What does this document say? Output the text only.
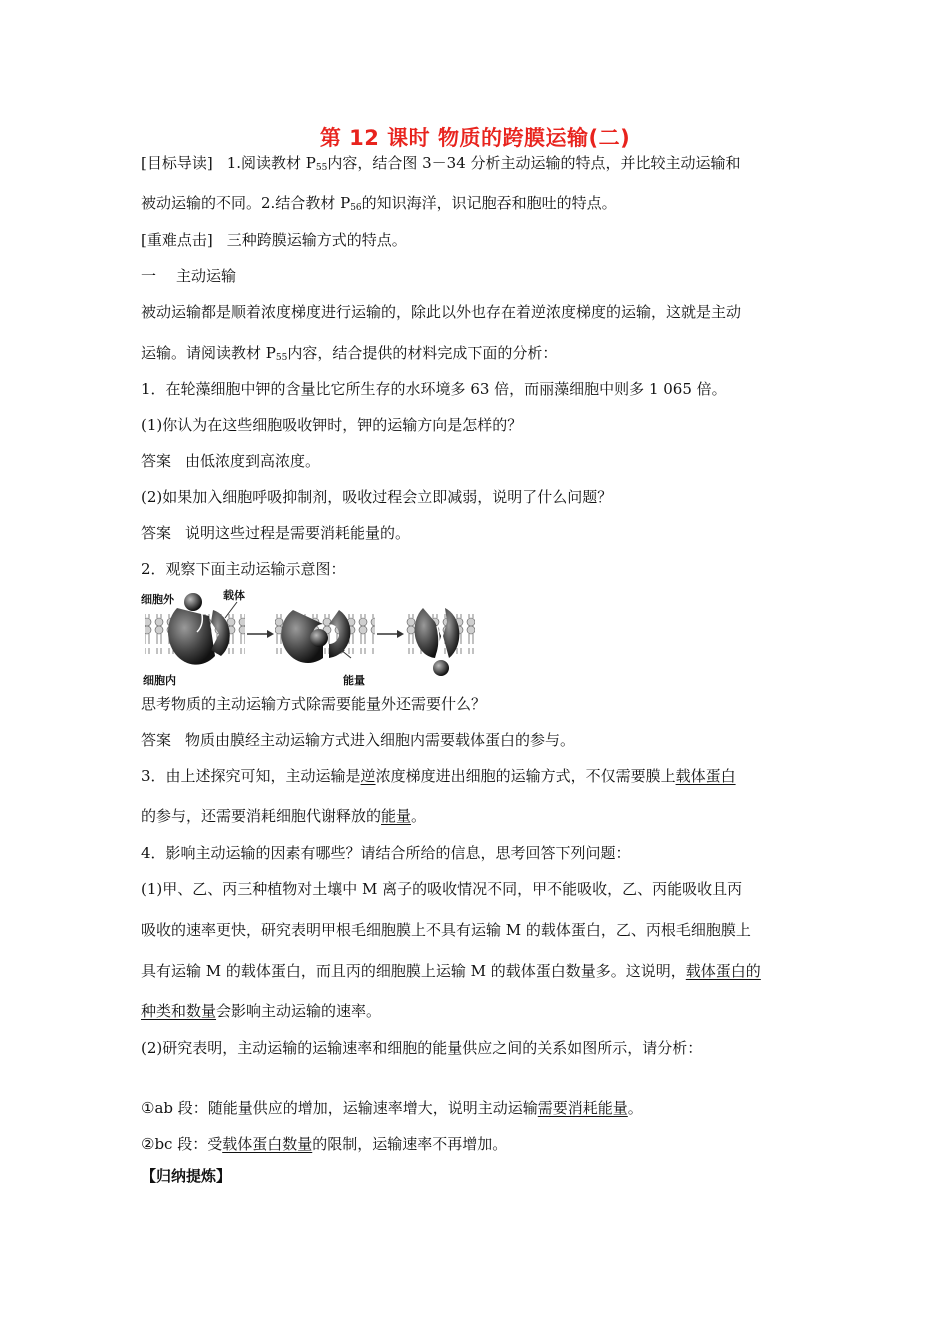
第 12 课时 物质的跨膜运输(二)
[目标导读] 1.阅读教材 $P_{55}$内容，结合图 3－34 分析主动运输的特点，并比较主动运输和
被动运输的不同。2.结合教材 $P_{56}$的知识海洋，识记胞吞和胞吐的特点。
[重难点击] 三种跨膜运输方式的特点。
一 主动运输
被动运输都是顺着浓度梯度进行运输的，除此以外也存在着逆浓度梯度的运输，这就是主动
运输。请阅读教材 $P_{55}$内容，结合提供的材料完成下面的分析：
1．在轮藻细胞中钾的含量比它所生存的水环境多 63 倍，而丽藻细胞中则多 1 065 倍。
(1)你认为在这些细胞吸收钾时，钾的运输方向是怎样的？
答案 由低浓度到高浓度。
(2)如果加入细胞呼吸抑制剂，吸收过程会立即减弱，说明了什么问题？
答案 说明这些过程是需要消耗能量的。
2．观察下面主动运输示意图：
细胞外	载体
细胞内	能量
思考物质的主动运输方式除需要能量外还需要什么？
答案 物质由膜经主动运输方式进入细胞内需要载体蛋白的参与。
3．由上述探究可知，主动运输是逆浓度梯度进出细胞的运输方式，不仅需要膜上载体蛋白
的参与，还需要消耗细胞代谢释放的能量。
4．影响主动运输的因素有哪些？请结合所给的信息，思考回答下列问题：
(1)甲、乙、丙三种植物对土壤中 M 离子的吸收情况不同，甲不能吸收，乙、丙能吸收且丙
吸收的速率更快，研究表明甲根毛细胞膜上不具有运输 M 的载体蛋白，乙、丙根毛细胞膜上
具有运输 M 的载体蛋白，而且丙的细胞膜上运输 M 的载体蛋白数量多。这说明，载体蛋白的
种类和数量会影响主动运输的速率。
(2)研究表明，主动运输的运输速率和细胞的能量供应之间的关系如图所示，请分析：
①ab 段：随能量供应的增加，运输速率增大，说明主动运输需要消耗能量。
②bc 段：受载体蛋白数量的限制，运输速率不再增加。
【归纳提炼】
